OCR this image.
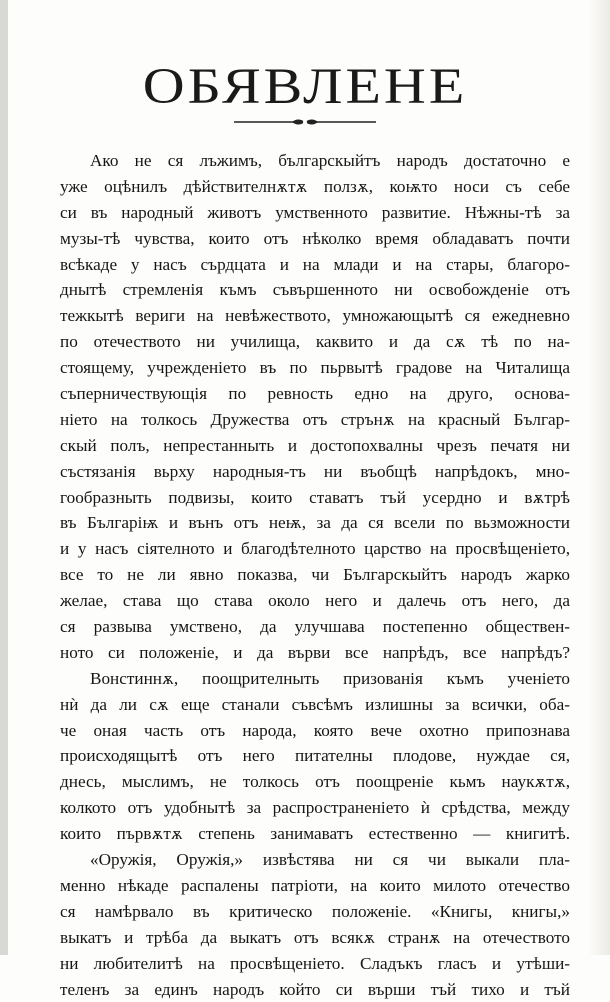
ОБЯВЛЕНЕ
Ако не ся лъжимъ, българскыйтъ народъ достаточно е
уже оцѣнилъ дѣйствителнѫтѫ ползѫ, коѭто носи съ себе
си въ народный животъ умственното развитие. Нѣжны-тѣ за
музы-тѣ чувства, които отъ нѣколко время обладаватъ почти
всѣкаде у насъ сърдцата и на млади и на стары, благоро-
днытѣ стремленія къмъ съвършенното ни освобожденіе отъ
тежкытѣ вериги на невѣжеството, умножающытѣ ся ежедневно
по отечеството ни училища, каквито и да сѫ тѣ по на-
стоящему, учрежденіето въ по пьрвытѣ градове на Читалища
съперничествующія по ревность едно на друго, основа-
ніето на толкось Дружества отъ стрънѫ на красный Българ-
скый полъ, непрестанныть и достопохвалны чрезъ печатя ни
състязанія вьрху народныя-тъ ни въобщѣ напрѣдокъ, мно-
гообразныть подвизы, които ставатъ тъй усердно и вѫтрѣ
въ Българіѭ и вънъ отъ неѭ, за да ся всели по вьзможности
и у насъ сіятелното и благодѣтелното царство на просвѣщеніето,
все то не ли явно показва, чи Българскыйтъ народъ жарко
желае, става що става около него и далечь отъ него, да
ся развыва умствено, да улучшава постепенно обществен-
ното си положеніе, и да върви все напрѣдъ, все напрѣдъ?
Вонстиннѫ, поощрителныть призованія къмъ ученіето
нѝ да ли сѫ еще станали съвсѣмъ излишны за всички, оба-
че оная часть отъ народа, която вече охотно припознава
происходящытѣ отъ него питателны плодове, нуждае ся,
днесь, мыслимъ, не толкось отъ поощреніе кьмъ наукѫтѫ,
колкото отъ удобнытѣ за распространеніето ѝ срѣдства, между
които първѫтѫ степень занимаватъ естественно — книгитѣ.
«Оружія, Оружія,» извѣстява ни ся чи выкали пла-
менно нѣкаде распалены патріоти, на които милото отечество
ся намѣрвало въ критическо положеніе. «Книгы, книгы,»
выкатъ и трѣба да выкатъ отъ всякѫ странѫ на отечеството
ни любителитѣ на просвѣщеніето. Сладъкъ гласъ и утѣши-
теленъ за единъ народъ който си върши тъй тихо и тъй
